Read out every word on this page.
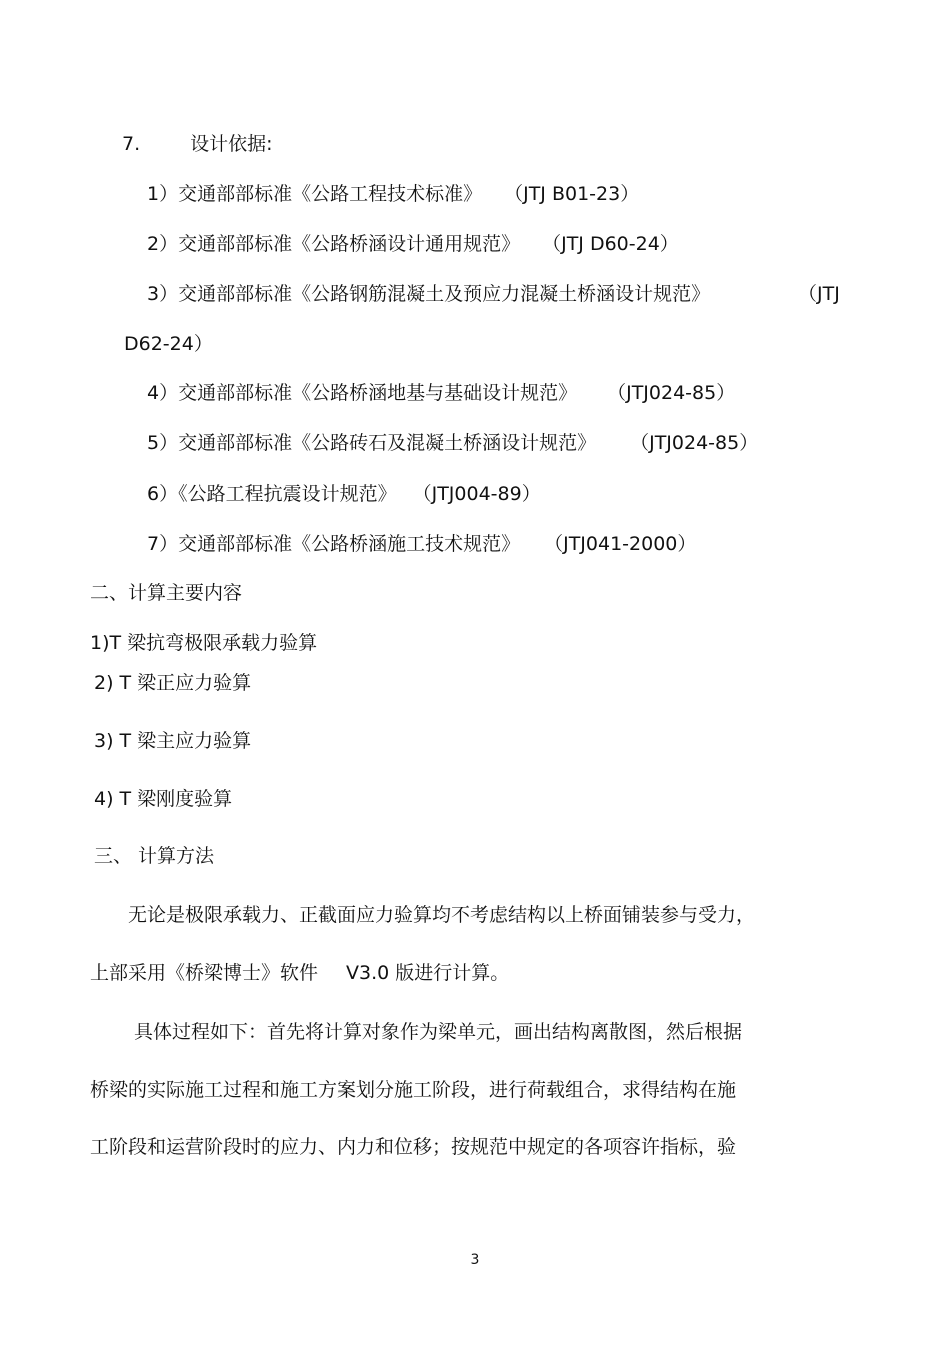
7.	设计依据:
1）交通部部标准《公路工程技术标准》 （JTJ B01-23）
2）交通部部标准《公路桥涵设计通用规范》 （JTJ D60-24）
3）交通部部标准《公路钢筋混凝土及预应力混凝土桥涵设计规范》	（JTJ
D62-24）
4）交通部部标准《公路桥涵地基与基础设计规范》 （JTJ024-85）
5）交通部部标准《公路砖石及混凝土桥涵设计规范》 （JTJ024-85）
6）《公路工程抗震设计规范》 （JTJ004-89）
7）交通部部标准《公路桥涵施工技术规范》 （JTJ041-2000）
二、计算主要内容
1)T 梁抗弯极限承载力验算
2) T 梁正应力验算
3) T 梁主应力验算
4) T 梁刚度验算
三、 计算方法
无论是极限承载力、正截面应力验算均不考虑结构以上桥面铺装参与受力，
上部采用《桥梁博士》软件 V3.0 版进行计算。
具体过程如下：首先将计算对象作为梁单元，画出结构离散图，然后根据
桥梁的实际施工过程和施工方案划分施工阶段，进行荷载组合，求得结构在施
工阶段和运营阶段时的应力、内力和位移；按规范中规定的各项容许指标，验
3
